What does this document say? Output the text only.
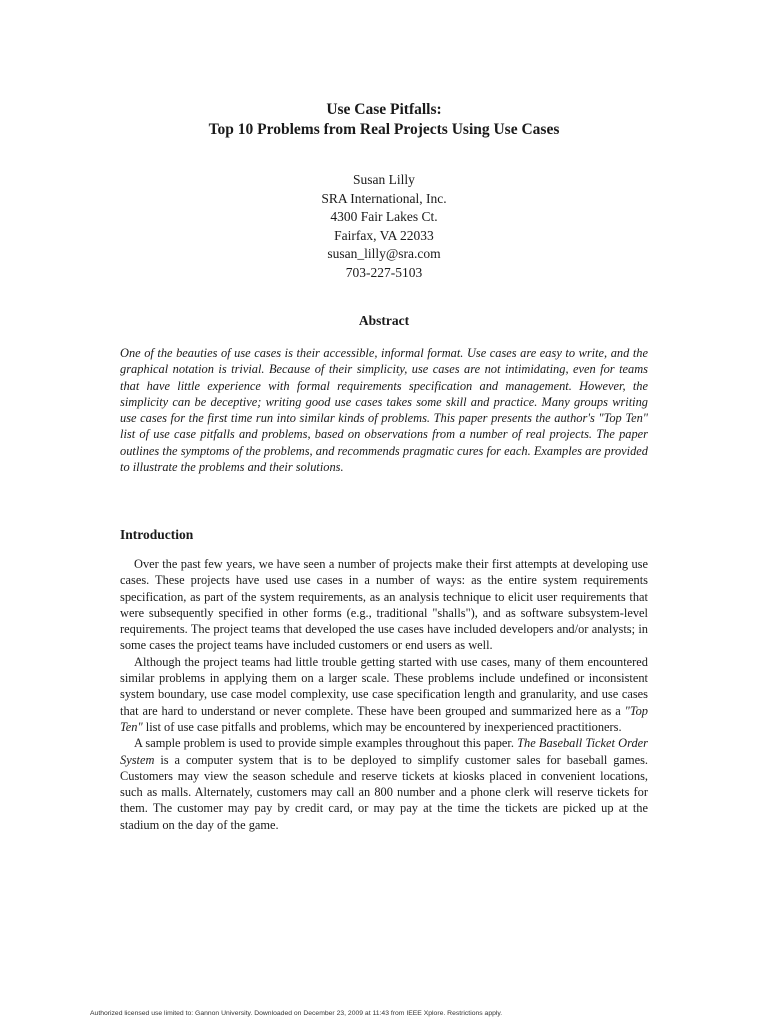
Use Case Pitfalls:
Top 10 Problems from Real Projects Using Use Cases
Susan Lilly
SRA International, Inc.
4300 Fair Lakes Ct.
Fairfax, VA 22033
susan_lilly@sra.com
703-227-5103
Abstract
One of the beauties of use cases is their accessible, informal format. Use cases are easy to write, and the graphical notation is trivial. Because of their simplicity, use cases are not intimidating, even for teams that have little experience with formal requirements specification and management. However, the simplicity can be deceptive; writing good use cases takes some skill and practice. Many groups writing use cases for the first time run into similar kinds of problems. This paper presents the author's "Top Ten" list of use case pitfalls and problems, based on observations from a number of real projects. The paper outlines the symptoms of the problems, and recommends pragmatic cures for each. Examples are provided to illustrate the problems and their solutions.
Introduction

Over the past few years, we have seen a number of projects make their first attempts at developing use cases. These projects have used use cases in a number of ways: as the entire system requirements specification, as part of the system requirements, as an analysis technique to elicit user requirements that were subsequently specified in other forms (e.g., traditional "shalls"), and as software subsystem-level requirements. The project teams that developed the use cases have included developers and/or analysts; in some cases the project teams have included customers or end users as well.

Although the project teams had little trouble getting started with use cases, many of them encountered similar problems in applying them on a larger scale. These problems include undefined or inconsistent system boundary, use case model complexity, use case specification length and granularity, and use cases that are hard to understand or never complete. These have been grouped and summarized here as a "Top Ten" list of use case pitfalls and problems, which may be encountered by inexperienced practitioners.

A sample problem is used to provide simple examples throughout this paper. The Baseball Ticket Order System is a computer system that is to be deployed to simplify customer sales for baseball games. Customers may view the season schedule and reserve tickets at kiosks placed in convenient locations, such as malls. Alternately, customers may call an 800 number and a phone clerk will reserve tickets for them. The customer may pay by credit card, or may pay at the time the tickets are picked up at the stadium on the day of the game.

Authorized licensed use limited to: Gannon University. Downloaded on December 23, 2009 at 11:43 from IEEE Xplore. Restrictions apply.
